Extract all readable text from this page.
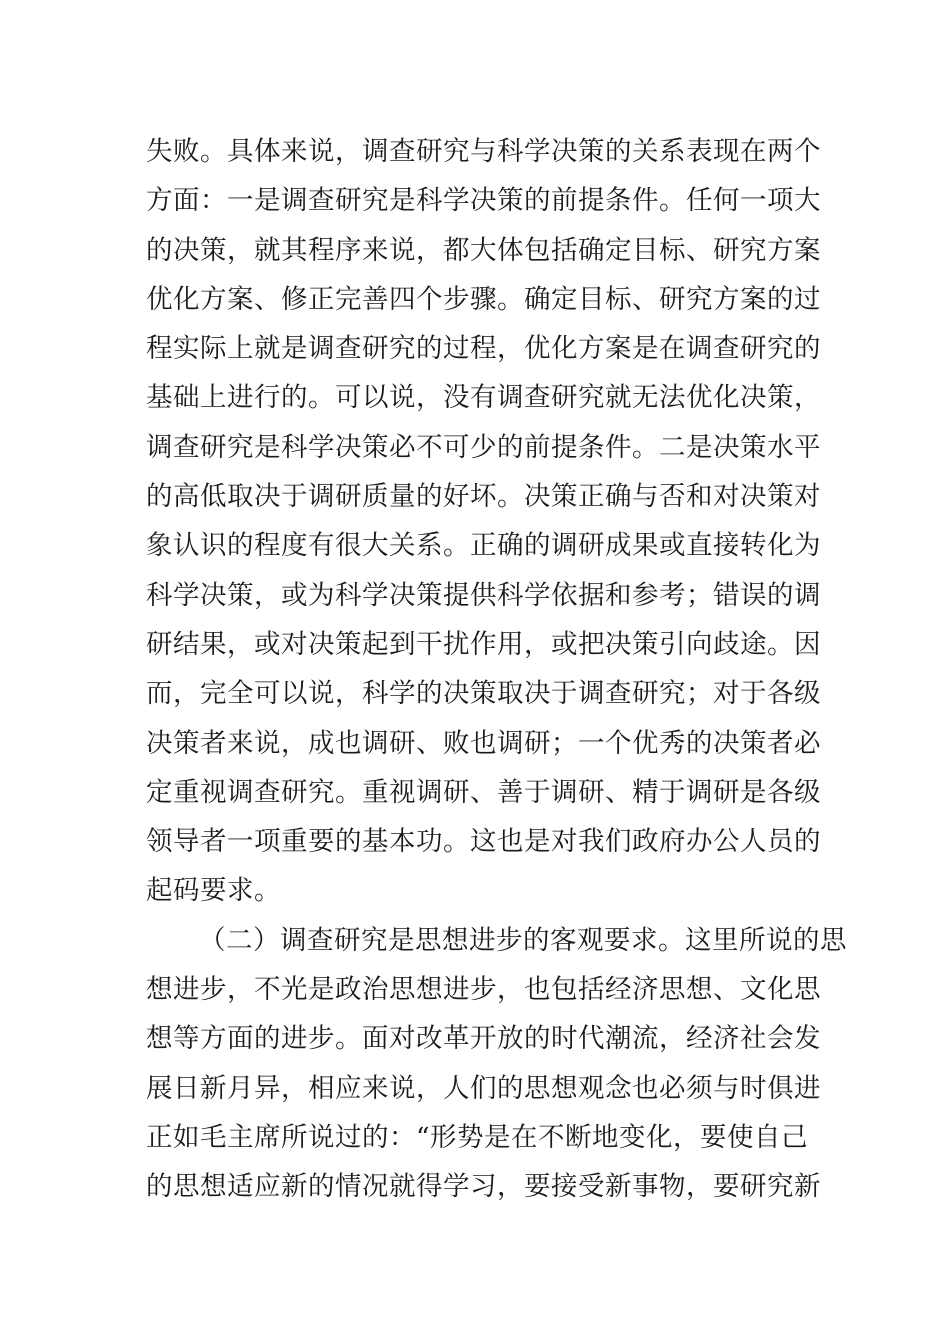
失败。具体来说，调查研究与科学决策的关系表现在两个
方面：一是调查研究是科学决策的前提条件。任何一项大
的决策，就其程序来说，都大体包括确定目标、研究方案
优化方案、修正完善四个步骤。确定目标、研究方案的过
程实际上就是调查研究的过程，优化方案是在调查研究的
基础上进行的。可以说，没有调查研究就无法优化决策，
调查研究是科学决策必不可少的前提条件。二是决策水平
的高低取决于调研质量的好坏。决策正确与否和对决策对
象认识的程度有很大关系。正确的调研成果或直接转化为
科学决策，或为科学决策提供科学依据和参考；错误的调
研结果，或对决策起到干扰作用，或把决策引向歧途。因
而，完全可以说，科学的决策取决于调查研究；对于各级
决策者来说，成也调研、败也调研；一个优秀的决策者必
定重视调查研究。重视调研、善于调研、精于调研是各级
领导者一项重要的基本功。这也是对我们政府办公人员的
起码要求。
（二）调查研究是思想进步的客观要求。这里所说的思
想进步，不光是政治思想进步，也包括经济思想、文化思
想等方面的进步。面对改革开放的时代潮流，经济社会发
展日新月异，相应来说，人们的思想观念也必须与时俱进
正如毛主席所说过的：“形势是在不断地变化，要使自己
的思想适应新的情况就得学习，要接受新事物，要研究新
